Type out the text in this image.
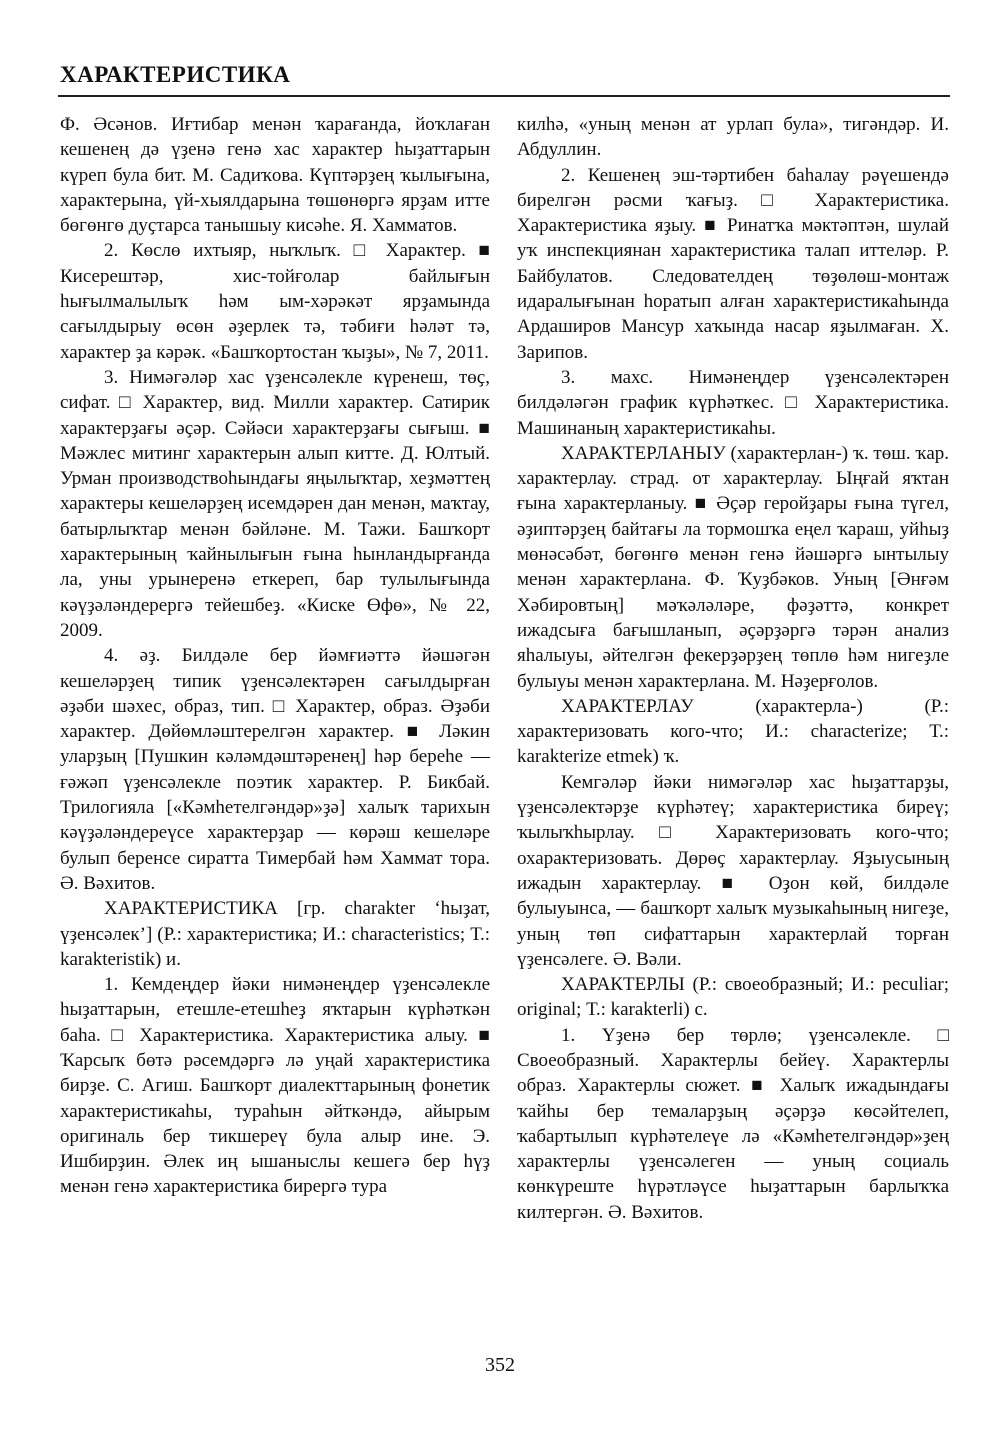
ХАРАКТЕРИСТИКА

Ф. Әсәнов. Иғтибар менән ҡарағанда, йоҡлаған кешенең дә үҙенә генә хас характер һыҙаттарын күреп була бит. М. Садиҡова. Күптәрҙең ҡылығына, характерына, үй-хыялдарына төшөнөргә ярҙам итте бөгөнгө дуҫтарса танышыу кисәһе. Я. Хамматов.

2. Көслө ихтыяр, ныҡлыҡ. □ Характер. ■ Кисерештәр, хис-тойғолар байлығын һығылмалылыҡ һәм ым-хәрәкәт ярҙамында сағылдырыу өсөн әҙерлек тә, тәбиғи һәләт тә, характер ҙа кәрәк. «Башҡортостан ҡыҙы», № 7, 2011.

3. Нимәгәләр хас үҙенсәлекле күренеш, төҫ, сифат. □ Характер, вид. Милли характер. Сатирик характерҙағы әҫәр. Сәйәси характерҙағы сығыш. ■ Мәжлес митинг характерын алып китте. Д. Юлтый. Урман производствоһындағы яңылыҡтар, хеҙмәттең характеры кешеләрҙең исемдәрен дан менән, маҡтау, батырлыҡтар менән бәйләне. М. Тажи. Башҡорт характерының ҡайнылығын ғына һынландырғанда ла, уны урынеренә еткереп, бар тулылығында кәүҙәләндерергә тейешбеҙ. «Киске Өфө», № 22, 2009.

4. әҙ. Билдәле бер йәмғиәттә йәшәгән кешеләрҙең типик үҙенсәлектәрен сағылдырған әҙәби шәхес, образ, тип. □ Характер, образ. Әҙәби характер. Дөйөмләштерелгән характер. ■ Ләкин уларҙың [Пушкин кәләмдәштәренең] һәр береһе — ғәжәп үҙенсәлекле поэтик характер. Р. Бикбай. Трилогияла [«Кәмһетелгәндәр»ҙә] халыҡ тарихын кәүҙәләндереүсе характерҙар — көрәш кешеләре булып беренсе сиратта Тимербай һәм Хаммат тора. Ә. Вәхитов.

ХАРАКТЕРИСТИКА [гр. charakter ‘һыҙат, үҙенсәлек’] (Р.: характеристика; И.: characteristics; Т.: karakteristik) и.

1. Кемдеңдер йәки нимәнеңдер үҙенсәлекле һыҙаттарын, етешле-етешһеҙ яҡтарын күрһәткән баһа. □ Характеристика. Характеристика алыу. ■ Ҡарсыҡ бөтә рәсемдәргә лә уңай характеристика бирҙе. С. Агиш. Башҡорт диалекттарының фонетик характеристикаһы, тураһын әйткәндә, айырым оригиналь бер тикшереү була алыр ине. Э. Ишбирҙин. Әлек иң ышаныслы кешегә бер һүҙ менән генә характеристика бирергә тура

килһә, «уның менән ат урлап була», тигәндәр. И. Абдуллин.

2. Кешенең эш-тәртибен баһалау рәүешендә бирелгән рәсми ҡағыҙ. □ Характеристика. Характеристика яҙыу. ■ Ринатҡа мәктәптән, шулай уҡ инспекциянан характеристика талап иттеләр. Р. Байбулатов. Следователдең төҙөлөш-монтаж идаралығынан һоратып алған характеристикаһында Ардаширов Мансур хаҡында насар яҙылмаған. Х. Зарипов.

3. махс. Нимәнеңдер үҙенсәлектәрен билдәләгән график күрһәткес. □ Характеристика. Машинаның характеристикаһы.

ХАРАКТЕРЛАНЫУ (характерлан-) ҡ. төш. ҡар. характерлау. страд. от характерлау. Ыңғай яҡтан ғына характерланыу. ■ Әҫәр геройҙары ғына түгел, әҙиптәрҙең байтағы ла тормошҡа еңел ҡараш, уйһыҙ мөнәсәбәт, бөгөнгө менән генә йәшәргә ынтылыу менән характерлана. Ф. Ҡуҙбәков. Уның [Әнғәм Хәбировтың] мәҡәләләре, фәҙәттә, конкрет ижадсыға бағышланып, әҫәрҙәргә тәрән анализ яһалыуы, әйтелгән фекерҙәрҙең төплө һәм нигеҙле булыуы менән характерлана. М. Нәҙерғолов.

ХАРАКТЕРЛАУ (характерла-) (Р.: характеризовать кого-что; И.: characterize; Т.: karakterize etmek) ҡ.

Кемгәләр йәки нимәгәләр хас һыҙаттарҙы, үҙенсәлектәрҙе күрһәтеү; характеристика биреү; ҡылыҡһырлау. □ Характеризовать кого-что; охарактеризовать. Дөрөҫ характерлау. Яҙыусының ижадын характерлау. ■ Оҙон көй, билдәле булыуынса, — башҡорт халыҡ музыкаһының нигеҙе, уның төп сифаттарын характерлай торған үҙенсәлеге. Ә. Вәли.

ХАРАКТЕРЛЫ (Р.: своеобразный; И.: peculiar; original; Т.: karakterli) с.

1. Үҙенә бер төрлө; үҙенсәлекле. □ Своеобразный. Характерлы бейеү. Характерлы образ. Характерлы сюжет. ■ Халыҡ ижадындағы ҡайһы бер темаларҙың әҫәрҙә көсәйтелеп, ҡабартылып күрһәтелеүе лә «Кәмһетелгәндәр»ҙең характерлы үҙенсәлеген — уның социаль көнкүреште һүрәтләүсе һыҙаттарын барлыҡҡа килтергән. Ә. Вәхитов.

352
